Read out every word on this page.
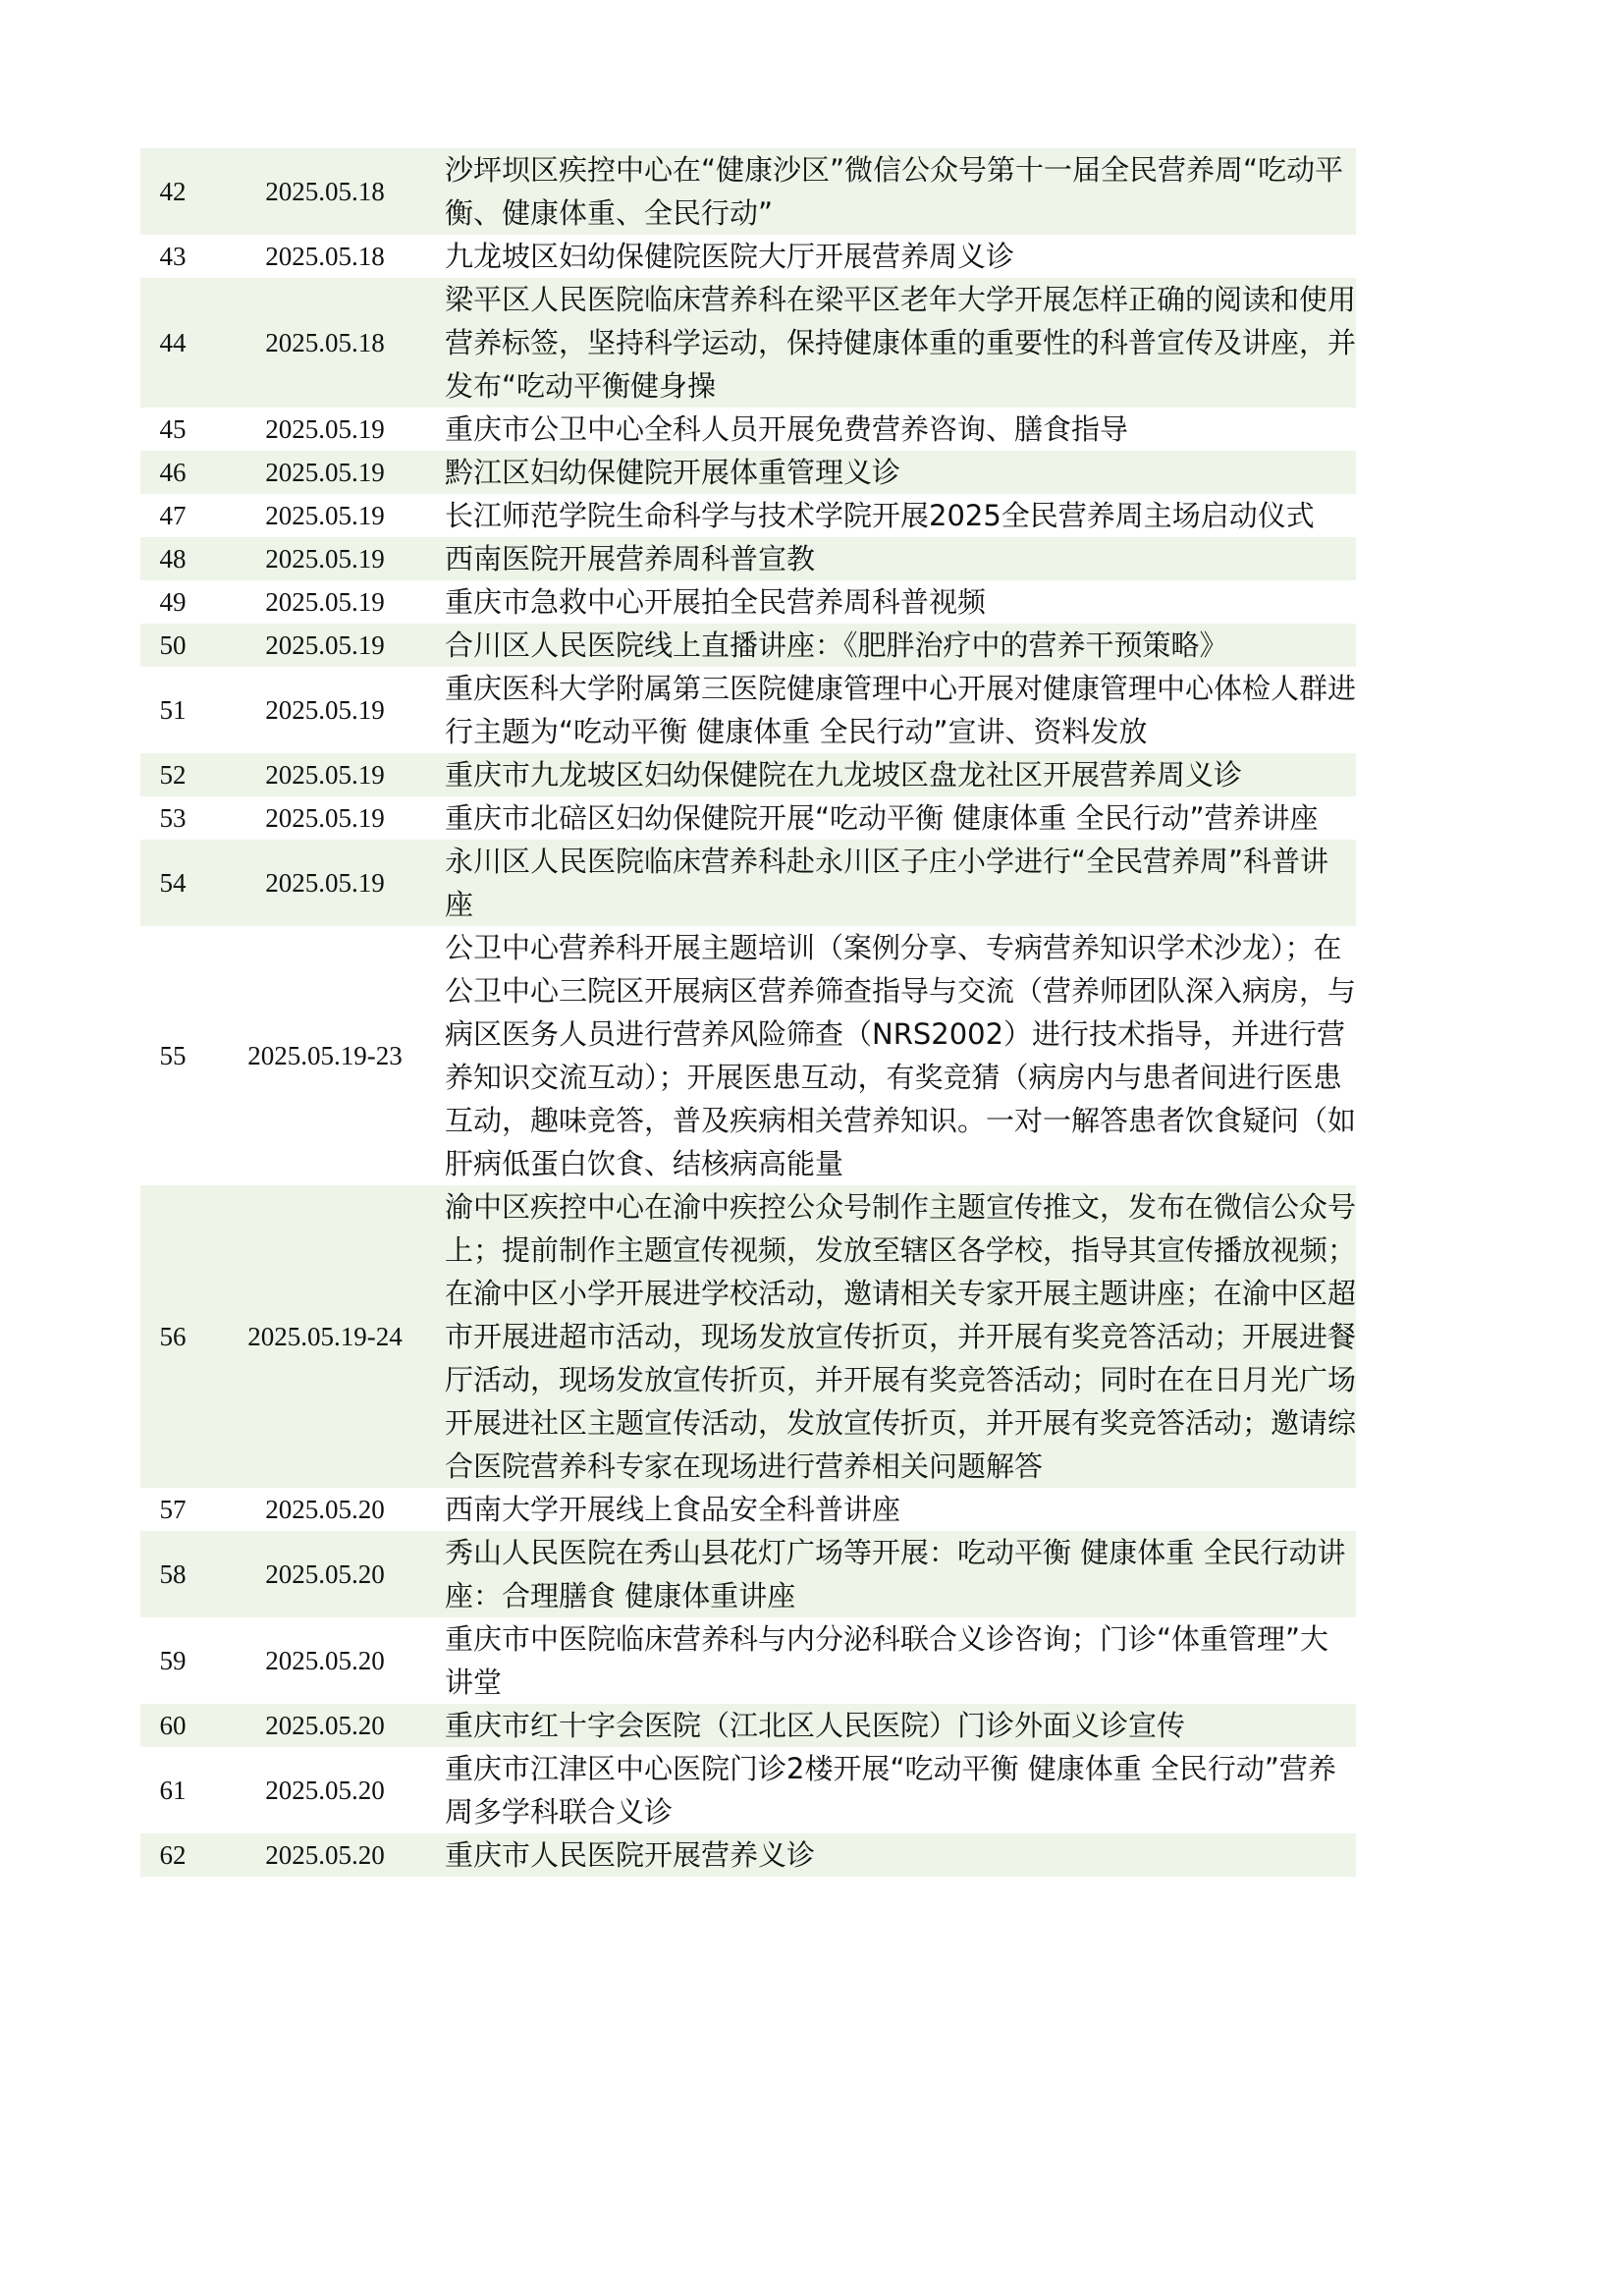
42	2025.05.18	沙坪坝区疾控中心在“健康沙区”微信公众号第十一届全民营养周“吃动平衡、健康体重、全民行动”
43	2025.05.18	九龙坡区妇幼保健院医院大厅开展营养周义诊
44	2025.05.18	梁平区人民医院临床营养科在梁平区老年大学开展怎样正确的阅读和使用营养标签，坚持科学运动，保持健康体重的重要性的科普宣传及讲座，并发布“吃动平衡健身操
45	2025.05.19	重庆市公卫中心全科人员开展免费营养咨询、膳食指导
46	2025.05.19	黔江区妇幼保健院开展体重管理义诊
47	2025.05.19	长江师范学院生命科学与技术学院开展2025全民营养周主场启动仪式
48	2025.05.19	西南医院开展营养周科普宣教
49	2025.05.19	重庆市急救中心开展拍全民营养周科普视频
50	2025.05.19	合川区人民医院线上直播讲座：《肥胖治疗中的营养干预策略》
51	2025.05.19	重庆医科大学附属第三医院健康管理中心开展对健康管理中心体检人群进行主题为“吃动平衡 健康体重 全民行动”宣讲、资料发放
52	2025.05.19	重庆市九龙坡区妇幼保健院在九龙坡区盘龙社区开展营养周义诊
53	2025.05.19	重庆市北碚区妇幼保健院开展“吃动平衡 健康体重 全民行动”营养讲座
54	2025.05.19	永川区人民医院临床营养科赴永川区子庄小学进行“全民营养周”科普讲座
55	2025.05.19-23	公卫中心营养科开展主题培训（案例分享、专病营养知识学术沙龙）；在公卫中心三院区开展病区营养筛查指导与交流（营养师团队深入病房，与病区医务人员进行营养风险筛查（NRS2002）进行技术指导，并进行营养知识交流互动）；开展医患互动，有奖竞猜（病房内与患者间进行医患互动，趣味竞答，普及疾病相关营养知识。一对一解答患者饮食疑问（如肝病低蛋白饮食、结核病高能量

56	2025.05.19-24	渝中区疾控中心在渝中疾控公众号制作主题宣传推文，发布在微信公众号上；提前制作主题宣传视频，发放至辖区各学校，指导其宣传播放视频；在渝中区小学开展进学校活动，邀请相关专家开展主题讲座；在渝中区超市开展进超市活动，现场发放宣传折页，并开展有奖竞答活动；开展进餐厅活动，现场发放宣传折页，并开展有奖竞答活动；同时在在日月光广场开展进社区主题宣传活动，发放宣传折页，并开展有奖竞答活动；邀请综合医院营养科专家在现场进行营养相关问题解答

57	2025.05.20	西南大学开展线上食品安全科普讲座
58	2025.05.20	秀山人民医院在秀山县花灯广场等开展：吃动平衡 健康体重 全民行动讲座：合理膳食 健康体重讲座
59	2025.05.20	重庆市中医院临床营养科与内分泌科联合义诊咨询；门诊“体重管理”大讲堂
60	2025.05.20	重庆市红十字会医院（江北区人民医院）门诊外面义诊宣传
61	2025.05.20	重庆市江津区中心医院门诊2楼开展“吃动平衡 健康体重 全民行动”营养周多学科联合义诊
62	2025.05.20	重庆市人民医院开展营养义诊
